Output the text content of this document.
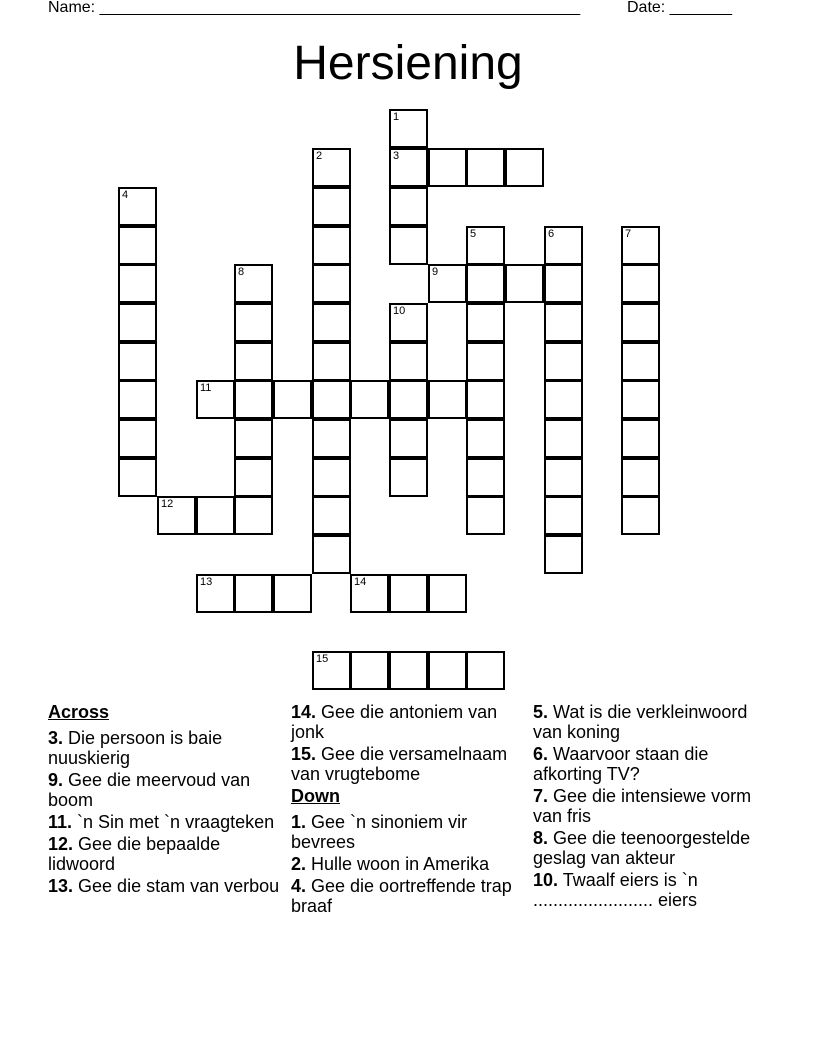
Name: ______________________________________________________	Date: _______
Hersiening
1
2	3
4
5	6	7
8	9
10
11
12
13	14
15
Across
3. Die persoon is baie nuuskierig
9. Gee die meervoud van boom
11. `n Sin met `n vraagteken
12. Gee die bepaalde lidwoord
13. Gee die stam van verbou
14. Gee die antoniem van jonk
15. Gee die versamelnaam van vrugtebome
Down
1. Gee `n sinoniem vir bevrees
2. Hulle woon in Amerika
4. Gee die oortreffende trap braaf
5. Wat is die verkleinwoord van koning
6. Waarvoor staan die afkorting TV?
7. Gee die intensiewe vorm van fris
8. Gee die teenoorgestelde geslag van akteur
10. Twaalf eiers is `n ........................ eiers
